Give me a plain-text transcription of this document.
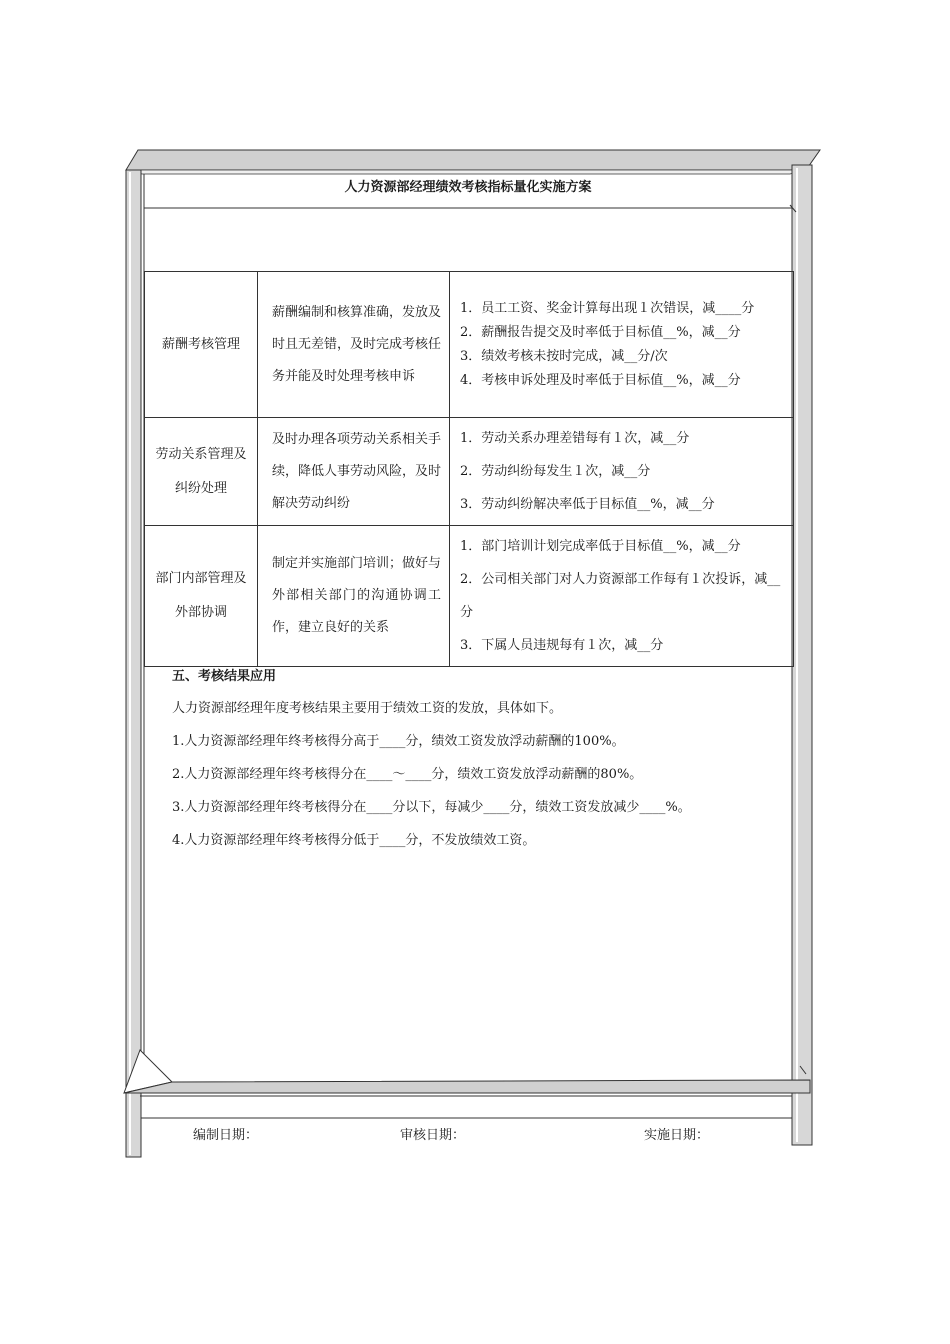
人力资源部经理绩效考核指标量化实施方案
薪酬考核管理	薪酬编制和核算准确，发放及时且无差错，及时完成考核任务并能及时处理考核申诉	1．员工工资、奖金计算每出现１次错误，减____分
2．薪酬报告提交及时率低于目标值__%，减__分
3．绩效考核未按时完成，减__分/次
4．考核申诉处理及时率低于目标值__%，减__分

劳动关系管理及纠纷处理	及时办理各项劳动关系相关手续，降低人事劳动风险，及时解决劳动纠纷	1．劳动关系办理差错每有１次，减__分
2．劳动纠纷每发生１次，减__分
3．劳动纠纷解决率低于目标值__%，减__分

部门内部管理及外部协调	制定并实施部门培训；做好与外部相关部门的沟通协调工作，建立良好的关系	1．部门培训计划完成率低于目标值__%，减__分
2．公司相关部门对人力资源部工作每有１次投诉，减__分
3．下属人员违规每有１次，减__分
五、考核结果应用
人力资源部经理年度考核结果主要用于绩效工资的发放，具体如下。
1.人力资源部经理年终考核得分高于____分，绩效工资发放浮动薪酬的100%。
2.人力资源部经理年终考核得分在____～____分，绩效工资发放浮动薪酬的80%。
3.人力资源部经理年终考核得分在____分以下，每减少____分，绩效工资发放减少____%。
4.人力资源部经理年终考核得分低于____分，不发放绩效工资。
编制日期：	审核日期：	实施日期：
